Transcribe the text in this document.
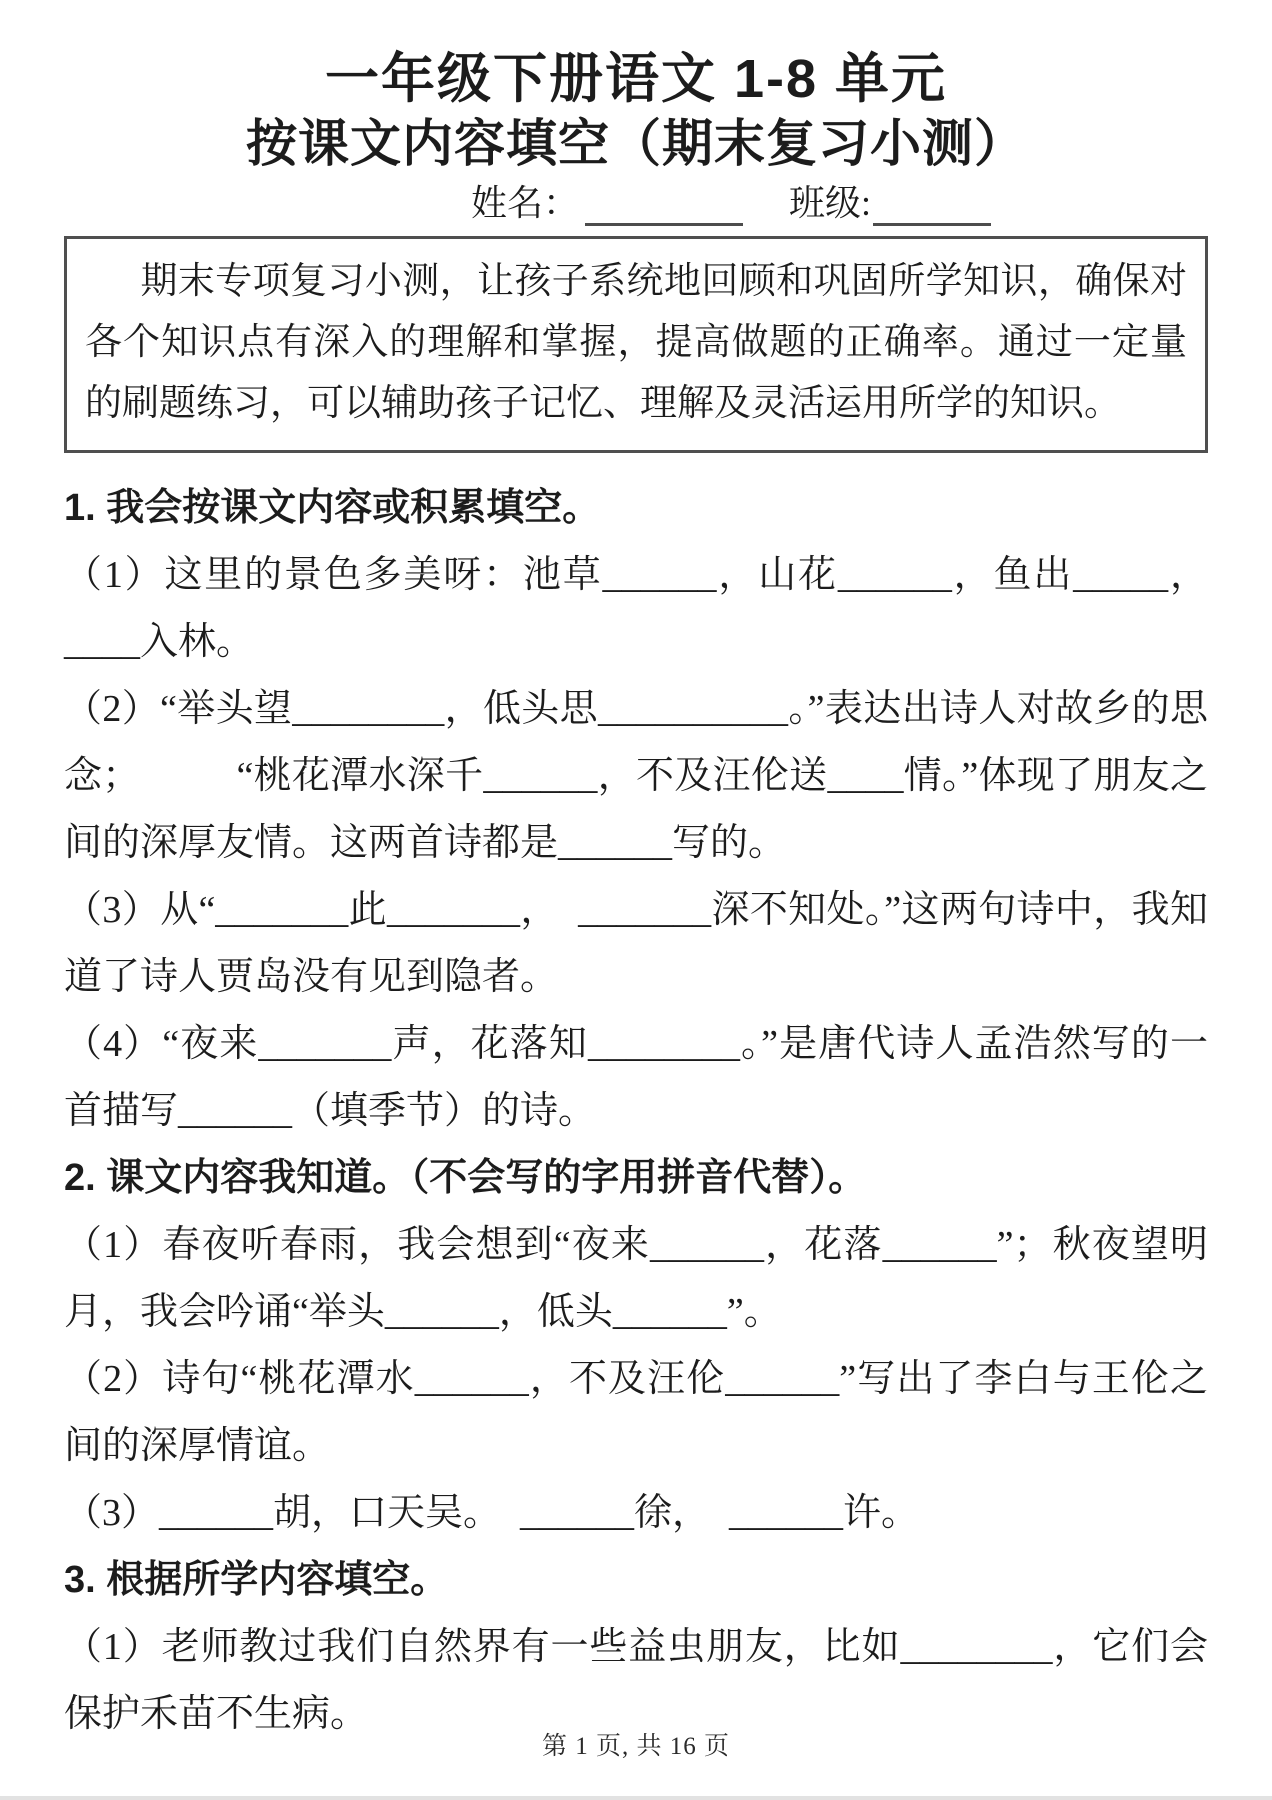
一年级下册语文 1-8 单元
按课文内容填空（期末复习小测）
姓名：	班级:
期末专项复习小测，让孩子系统地回顾和巩固所学知识，确保对各个知识点有深入的理解和掌握，提高做题的正确率。通过一定量的刷题练习，可以辅助孩子记忆、理解及灵活运用所学的知识。
1. 我会按课文内容或积累填空。

（1）这里的景色多美呀：池草______，山花______，鱼出_____，____入林。

（2）“举头望________，低头思__________。”表达出诗人对故乡的思念；　　　“桃花潭水深千______，不及汪伦送____情。”体现了朋友之间的深厚友情。这两首诗都是______写的。

（3）从“_______此_______，　_______深不知处。”这两句诗中，我知道了诗人贾岛没有见到隐者。

（4）“夜来_______声，花落知________。”是唐代诗人孟浩然写的一首描写______（填季节）的诗。

2. 课文内容我知道。（不会写的字用拼音代替）。

（1）春夜听春雨，我会想到“夜来______，花落______”；秋夜望明月，我会吟诵“举头______，低头______”。

（2）诗句“桃花潭水______，不及汪伦______”写出了李白与王伦之间的深厚情谊。

（3）______胡，口天吴。　______徐，　______许。

3. 根据所学内容填空。

（1）老师教过我们自然界有一些益虫朋友，比如________，它们会保护禾苗不生病。

第 1 页, 共 16 页
